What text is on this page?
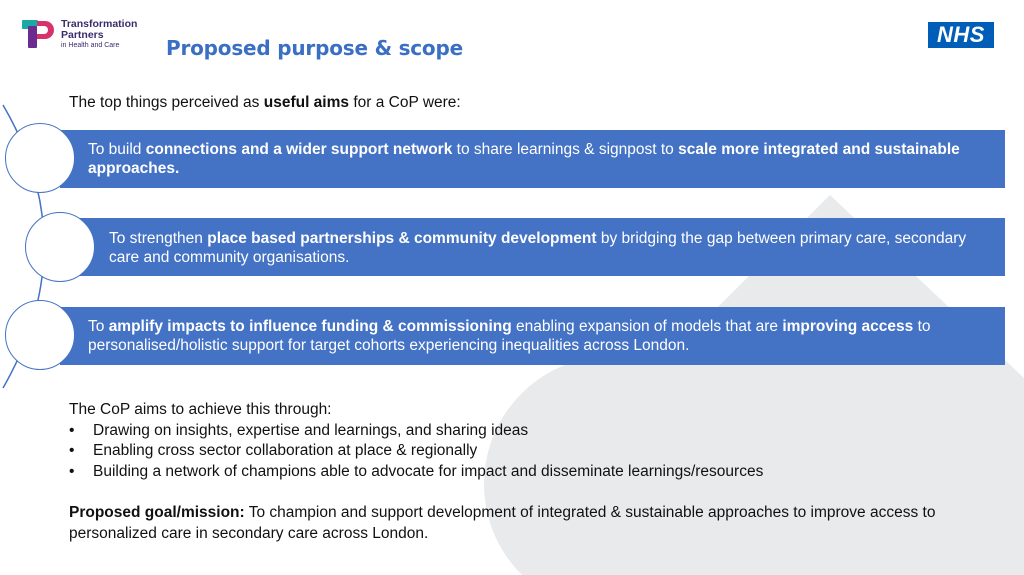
Transformation
Partners
in Health and Care	Proposed purpose & scope
NHS

The top things perceived as useful aims for a CoP were:

To build connections and a wider support network to share learnings & signpost to scale more integrated and sustainable approaches.

To strengthen place based partnerships & community development by bridging the gap between primary care, secondary care and community organisations.

To amplify impacts to influence funding & commissioning enabling expansion of models that are improving access to personalised/holistic support for target cohorts experiencing inequalities across London.

The CoP aims to achieve this through:

• Drawing on insights, expertise and learnings, and sharing ideas
• Enabling cross sector collaboration at place & regionally
• Building a network of champions able to advocate for impact and disseminate learnings/resources

Proposed goal/mission: To champion and support development of integrated & sustainable approaches to improve access to personalized care in secondary care across London.
